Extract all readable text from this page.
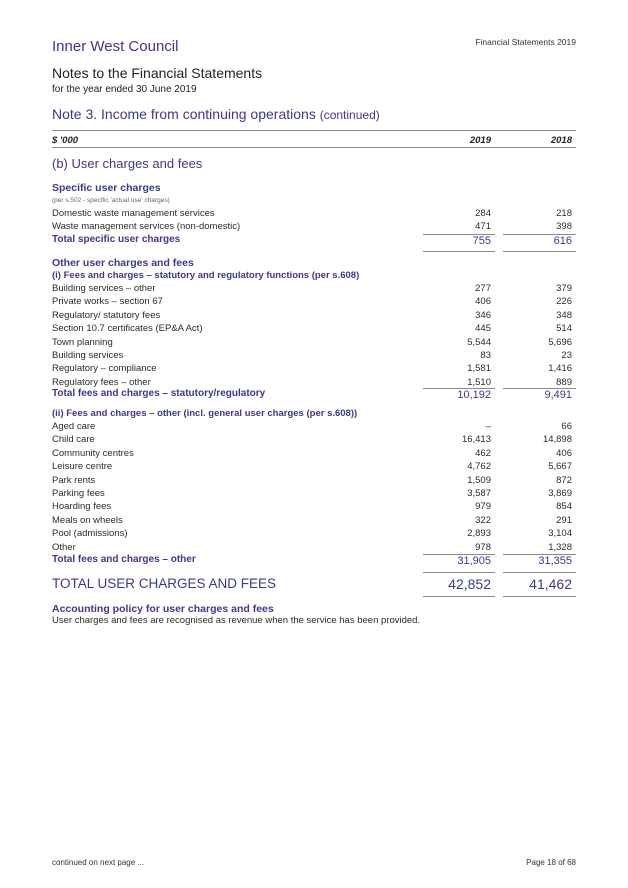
Inner West Council	Financial Statements 2019
Notes to the Financial Statements
for the year ended 30 June 2019
Note 3. Income from continuing operations (continued)
$ '000	2019	2018
(b) User charges and fees
Specific user charges
(per s.502 - specific 'actual use' charges)
Domestic waste management services	284	218
Waste management services (non-domestic)	471	398
Total specific user charges	755	616
Other user charges and fees
(i) Fees and charges – statutory and regulatory functions (per s.608)
Building services – other	277	379
Private works – section 67	406	226
Regulatory/ statutory fees	346	348
Section 10.7 certificates (EP&A Act)	445	514
Town planning	5,544	5,696
Building services	83	23
Regulatory – compliance	1,581	1,416
Regulatory fees – other	1,510	889
Total fees and charges – statutory/regulatory	10,192	9,491
(ii) Fees and charges – other (incl. general user charges (per s.608))
Aged care	–	66
Child care	16,413	14,898
Community centres	462	406
Leisure centre	4,762	5,667
Park rents	1,509	872
Parking fees	3,587	3,869
Hoarding fees	979	854
Meals on wheels	322	291
Pool (admissions)	2,893	3,104
Other	978	1,328
Total fees and charges – other	31,905	31,355
TOTAL USER CHARGES AND FEES	42,852	41,462
Accounting policy for user charges and fees
User charges and fees are recognised as revenue when the service has been provided.
continued on next page ...	Page 18 of 68
